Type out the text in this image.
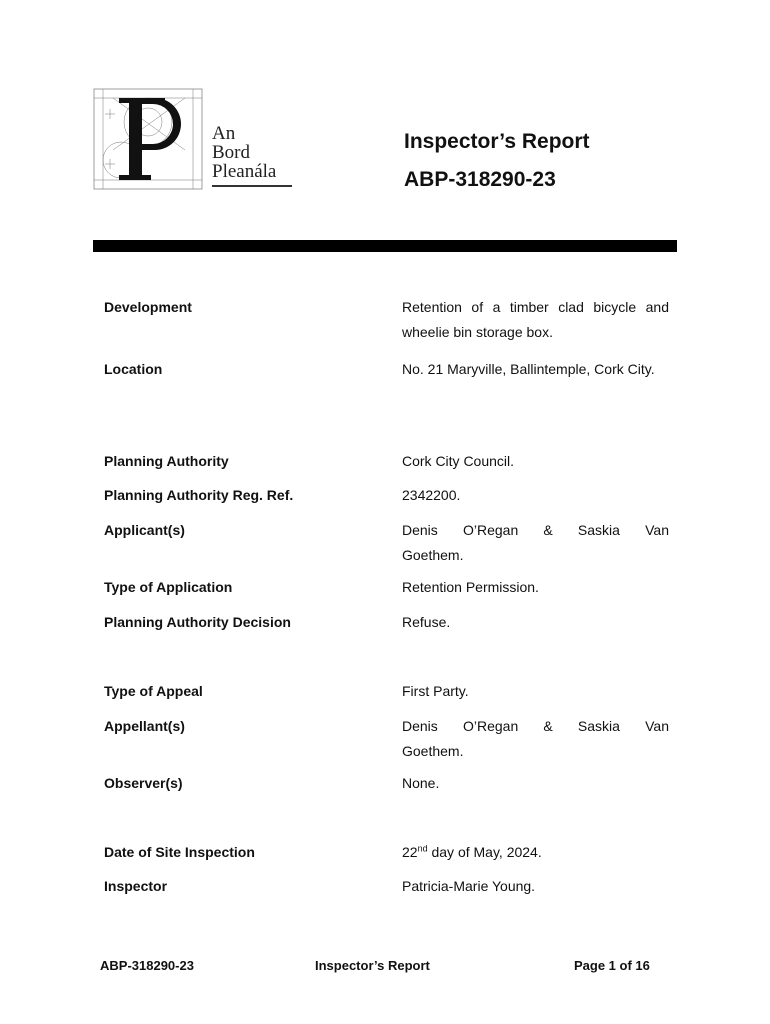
An
Bord
Pleanála
Inspector’s Report
ABP-318290-23
Development	Retention of a timber clad bicycle and wheelie bin storage box.
Location	No. 21 Maryville, Ballintemple, Cork City.
Planning Authority	Cork City Council.
Planning Authority Reg. Ref.	2342200.
Applicant(s)	Denis O’Regan & Saskia Van
Goethem.
Type of Application	Retention Permission.
Planning Authority Decision	Refuse.
Type of Appeal	First Party.
Appellant(s)	Denis O’Regan & Saskia Van
Goethem.
Observer(s)	None.
Date of Site Inspection	22nd day of May, 2024.
Inspector	Patricia-Marie Young.
ABP-318290-23	Inspector’s Report	Page 1 of 16
